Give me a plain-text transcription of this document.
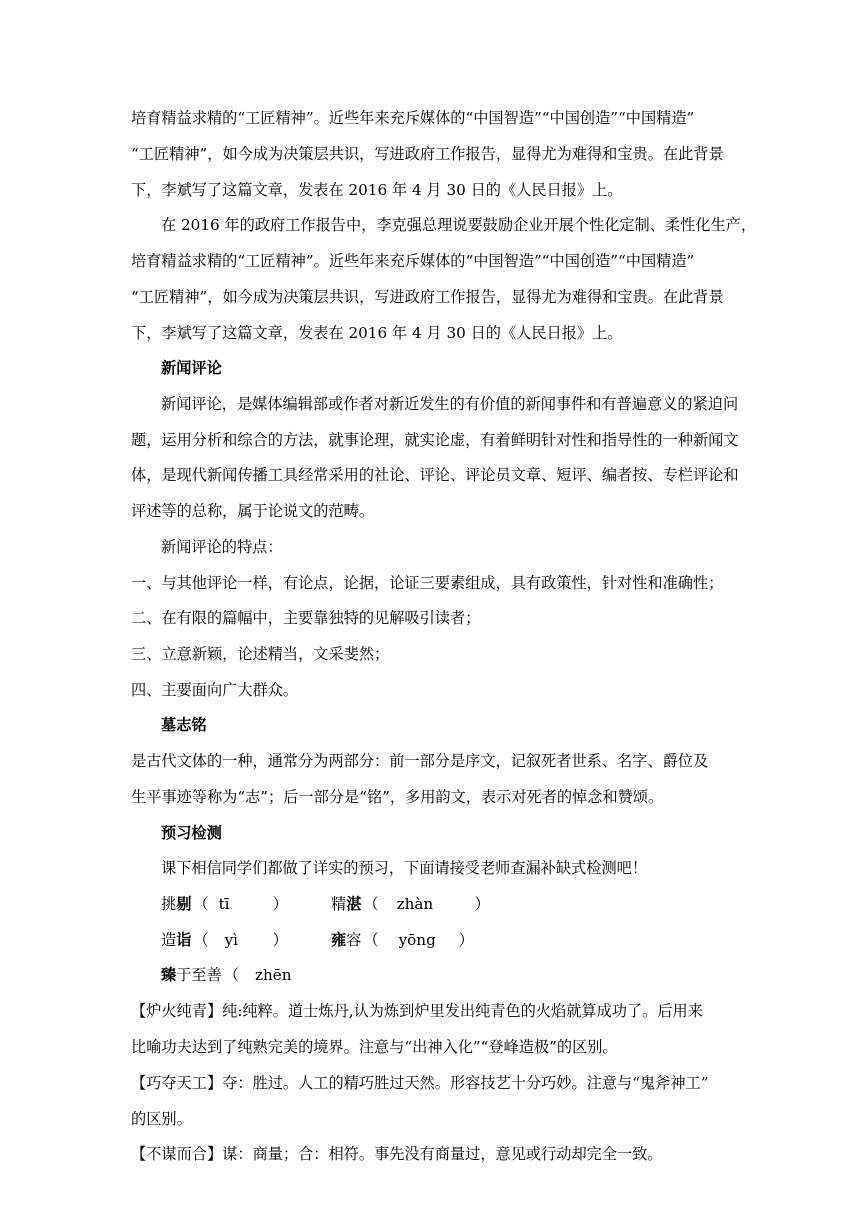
培育精益求精的“工匠精神”。近些年来充斥媒体的“中国智造”“中国创造”“中国精造”
“工匠精神”，如今成为决策层共识，写进政府工作报告，显得尤为难得和宝贵。在此背景
下，李斌写了这篇文章，发表在 2016 年 4 月 30 日的《人民日报》上。
在 2016 年的政府工作报告中，李克强总理说要鼓励企业开展个性化定制、柔性化生产，
培育精益求精的“工匠精神”。近些年来充斥媒体的“中国智造”“中国创造”“中国精造”
“工匠精神”，如今成为决策层共识，写进政府工作报告，显得尤为难得和宝贵。在此背景
下，李斌写了这篇文章，发表在 2016 年 4 月 30 日的《人民日报》上。
新闻评论
新闻评论，是媒体编辑部或作者对新近发生的有价值的新闻事件和有普遍意义的紧迫问
题，运用分析和综合的方法，就事论理，就实论虚，有着鲜明针对性和指导性的一种新闻文
体，是现代新闻传播工具经常采用的社论、评论、评论员文章、短评、编者按、专栏评论和
评述等的总称，属于论说文的范畴。
新闻评论的特点：
一、与其他评论一样，有论点，论据，论证三要素组成，具有政策性，针对性和准确性；
二、在有限的篇幅中，主要靠独特的见解吸引读者；
三、立意新颖，论述精当，文采斐然；
四、主要面向广大群众。
墓志铭
是古代文体的一种，通常分为两部分：前一部分是序文，记叙死者世系、名字、爵位及
生平事迹等称为“志”；后一部分是“铭”，多用韵文，表示对死者的悼念和赞颂。
预习检测
课下相信同学们都做了详实的预习，下面请接受老师查漏补缺式检测吧！
挑剔 （ tī	）	精湛 （ zhàn	）
造诣 （ yì ）	雍容 （ yōng ）
臻于至善 （ zhēn

【炉火纯青】纯:纯粹。道士炼丹,认为炼到炉里发出纯青色的火焰就算成功了。后用来
比喻功夫达到了纯熟完美的境界。注意与“出神入化”“登峰造极”的区别。
【巧夺天工】夺：胜过。人工的精巧胜过天然。形容技艺十分巧妙。注意与“鬼斧神工”
的区别。
【不谋而合】谋：商量；合：相符。事先没有商量过，意见或行动却完全一致。
